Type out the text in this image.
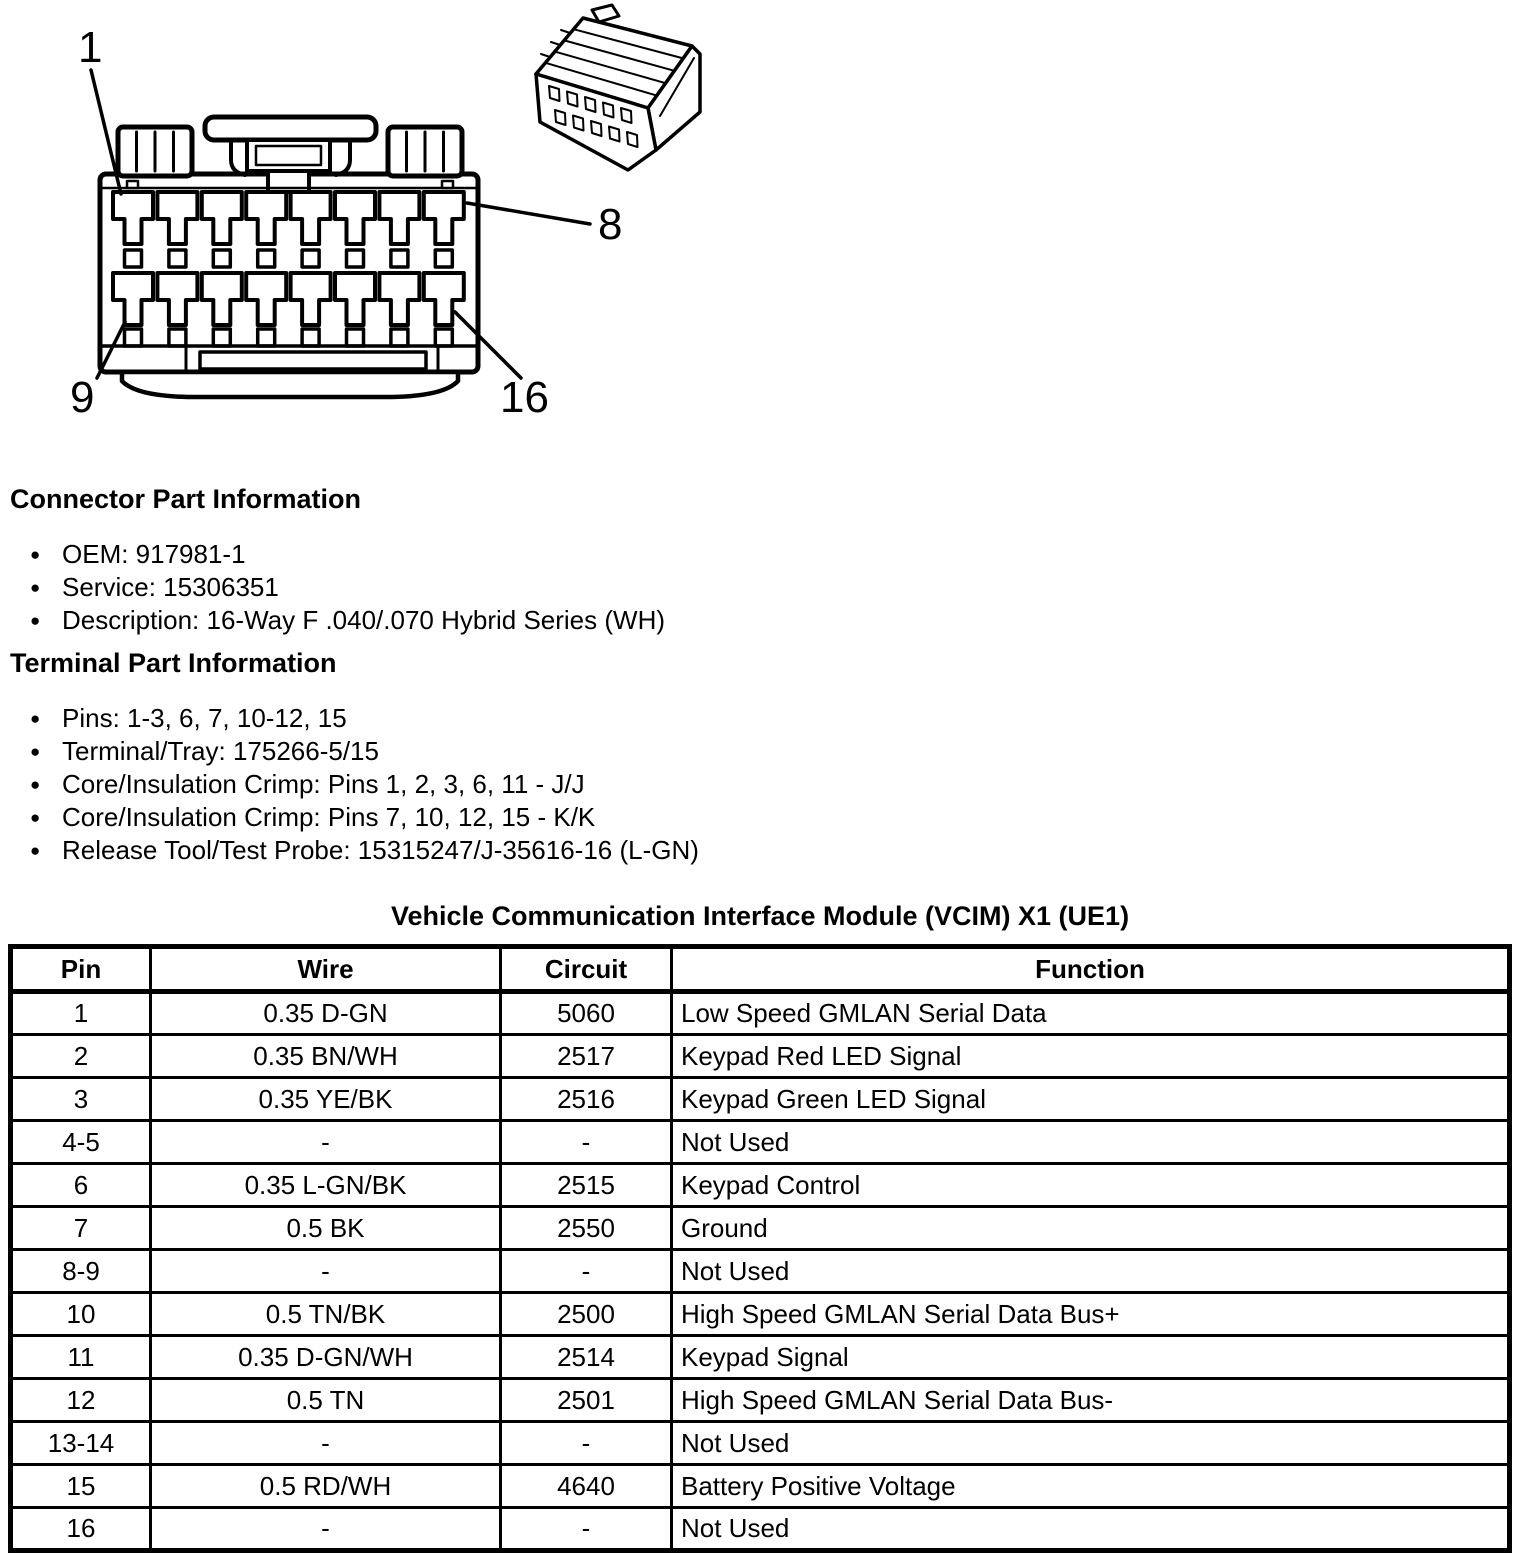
1
8
9	16
Connector Part Information
● OEM: 917981-1
● Service: 15306351
● Description: 16-Way F .040/.070 Hybrid Series (WH)
Terminal Part Information
● Pins: 1-3, 6, 7, 10-12, 15
● Terminal/Tray: 175266-5/15
● Core/Insulation Crimp: Pins 1, 2, 3, 6, 11 - J/J
● Core/Insulation Crimp: Pins 7, 10, 12, 15 - K/K
● Release Tool/Test Probe: 15315247/J-35616-16 (L-GN)
Vehicle Communication Interface Module (VCIM) X1 (UE1)
Pin	Wire	Circuit	Function
1	0.35 D-GN	5060	Low Speed GMLAN Serial Data
2	0.35 BN/WH	2517	Keypad Red LED Signal
3	0.35 YE/BK	2516	Keypad Green LED Signal
4-5	-	-	Not Used
6	0.35 L-GN/BK	2515	Keypad Control
7	0.5 BK	2550	Ground
8-9	-	-	Not Used
10	0.5 TN/BK	2500	High Speed GMLAN Serial Data Bus+
11	0.35 D-GN/WH	2514	Keypad Signal
12	0.5 TN	2501	High Speed GMLAN Serial Data Bus-
13-14	-	-	Not Used
15	0.5 RD/WH	4640	Battery Positive Voltage
16	-	-	Not Used
